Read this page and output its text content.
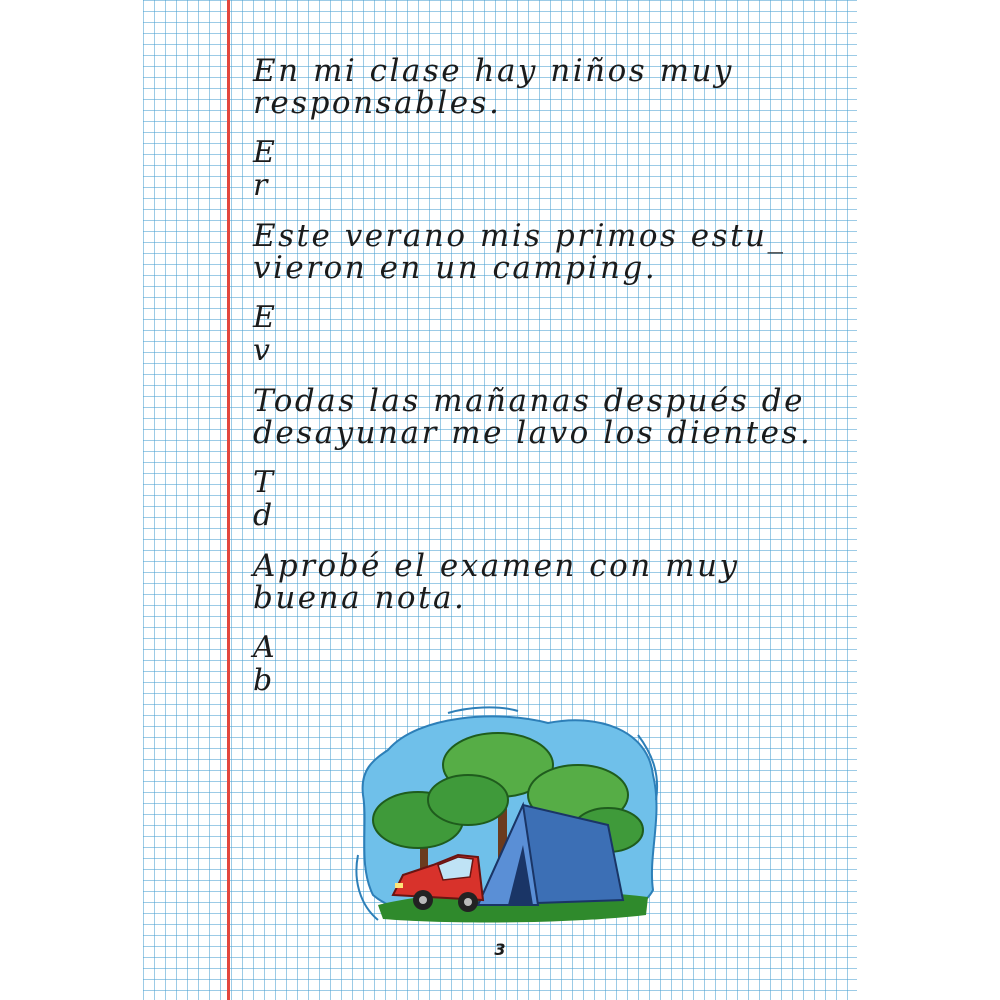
En mi clase hay niños muy
responsables.
E
r
Este verano mis primos estu_
vieron en un camping.
E
v
Todas las mañanas después de
desayunar me lavo los dientes.
T
d
Aprobé el examen con muy
buena nota.
A
b
3
